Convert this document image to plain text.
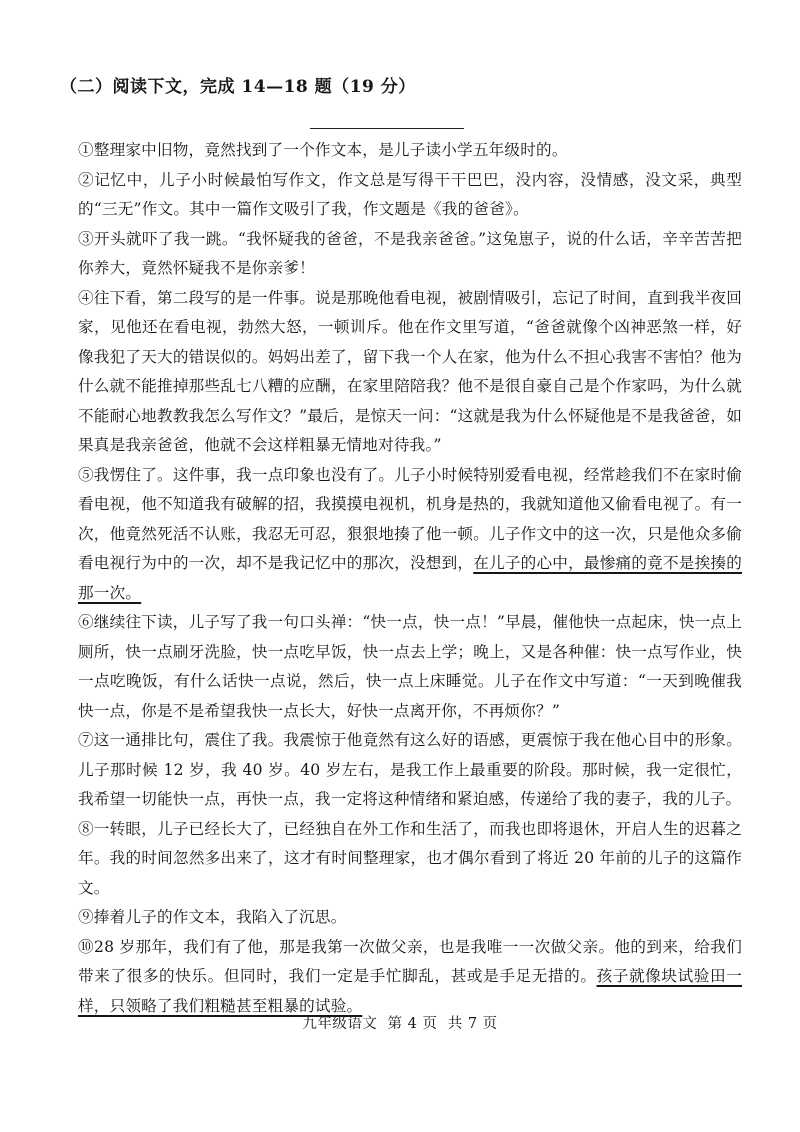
（二）阅读下文，完成 14—18 题（19 分）

①整理家中旧物，竟然找到了一个作文本，是儿子读小学五年级时的。

②记忆中，儿子小时候最怕写作文，作文总是写得干干巴巴，没内容，没情感，没文采，典型的“三无”作文。其中一篇作文吸引了我，作文题是《我的爸爸》。

③开头就吓了我一跳。“我怀疑我的爸爸，不是我亲爸爸。”这兔崽子，说的什么话，辛辛苦苦把你养大，竟然怀疑我不是你亲爹！

④往下看，第二段写的是一件事。说是那晚他看电视，被剧情吸引，忘记了时间，直到我半夜回家，见他还在看电视，勃然大怒，一顿训斥。他在作文里写道，“爸爸就像个凶神恶煞一样，好像我犯了天大的错误似的。妈妈出差了，留下我一个人在家，他为什么不担心我害不害怕？他为什么就不能推掉那些乱七八糟的应酬，在家里陪陪我？他不是很自豪自己是个作家吗，为什么就不能耐心地教教我怎么写作文？”最后，是惊天一问：“这就是我为什么怀疑他是不是我爸爸，如果真是我亲爸爸，他就不会这样粗暴无情地对待我。”

⑤我愣住了。这件事，我一点印象也没有了。儿子小时候特别爱看电视，经常趁我们不在家时偷看电视，他不知道我有破解的招，我摸摸电视机，机身是热的，我就知道他又偷看电视了。有一次，他竟然死活不认账，我忍无可忍，狠狠地揍了他一顿。儿子作文中的这一次，只是他众多偷看电视行为中的一次，却不是我记忆中的那次，没想到，在儿子的心中，最惨痛的竟不是挨揍的那一次。

⑥继续往下读，儿子写了我一句口头禅：“快一点，快一点！”早晨，催他快一点起床，快一点上厕所，快一点刷牙洗脸，快一点吃早饭，快一点去上学；晚上，又是各种催：快一点写作业，快一点吃晚饭，有什么话快一点说，然后，快一点上床睡觉。儿子在作文中写道：“一天到晚催我快一点，你是不是希望我快一点长大，好快一点离开你，不再烦你？”

⑦这一通排比句，震住了我。我震惊于他竟然有这么好的语感，更震惊于我在他心目中的形象。儿子那时候 12 岁，我 40 岁。40 岁左右，是我工作上最重要的阶段。那时候，我一定很忙，我希望一切能快一点，再快一点，我一定将这种情绪和紧迫感，传递给了我的妻子，我的儿子。

⑧一转眼，儿子已经长大了，已经独自在外工作和生活了，而我也即将退休，开启人生的迟暮之年。我的时间忽然多出来了，这才有时间整理家，也才偶尔看到了将近 20 年前的儿子的这篇作文。

⑨捧着儿子的作文本，我陷入了沉思。

⑩28 岁那年，我们有了他，那是我第一次做父亲，也是我唯一一次做父亲。他的到来，给我们带来了很多的快乐。但同时，我们一定是手忙脚乱，甚或是手足无措的。孩子就像块试验田一样，只领略了我们粗糙甚至粗暴的试验。

九年级语文  第 4 页  共 7 页
